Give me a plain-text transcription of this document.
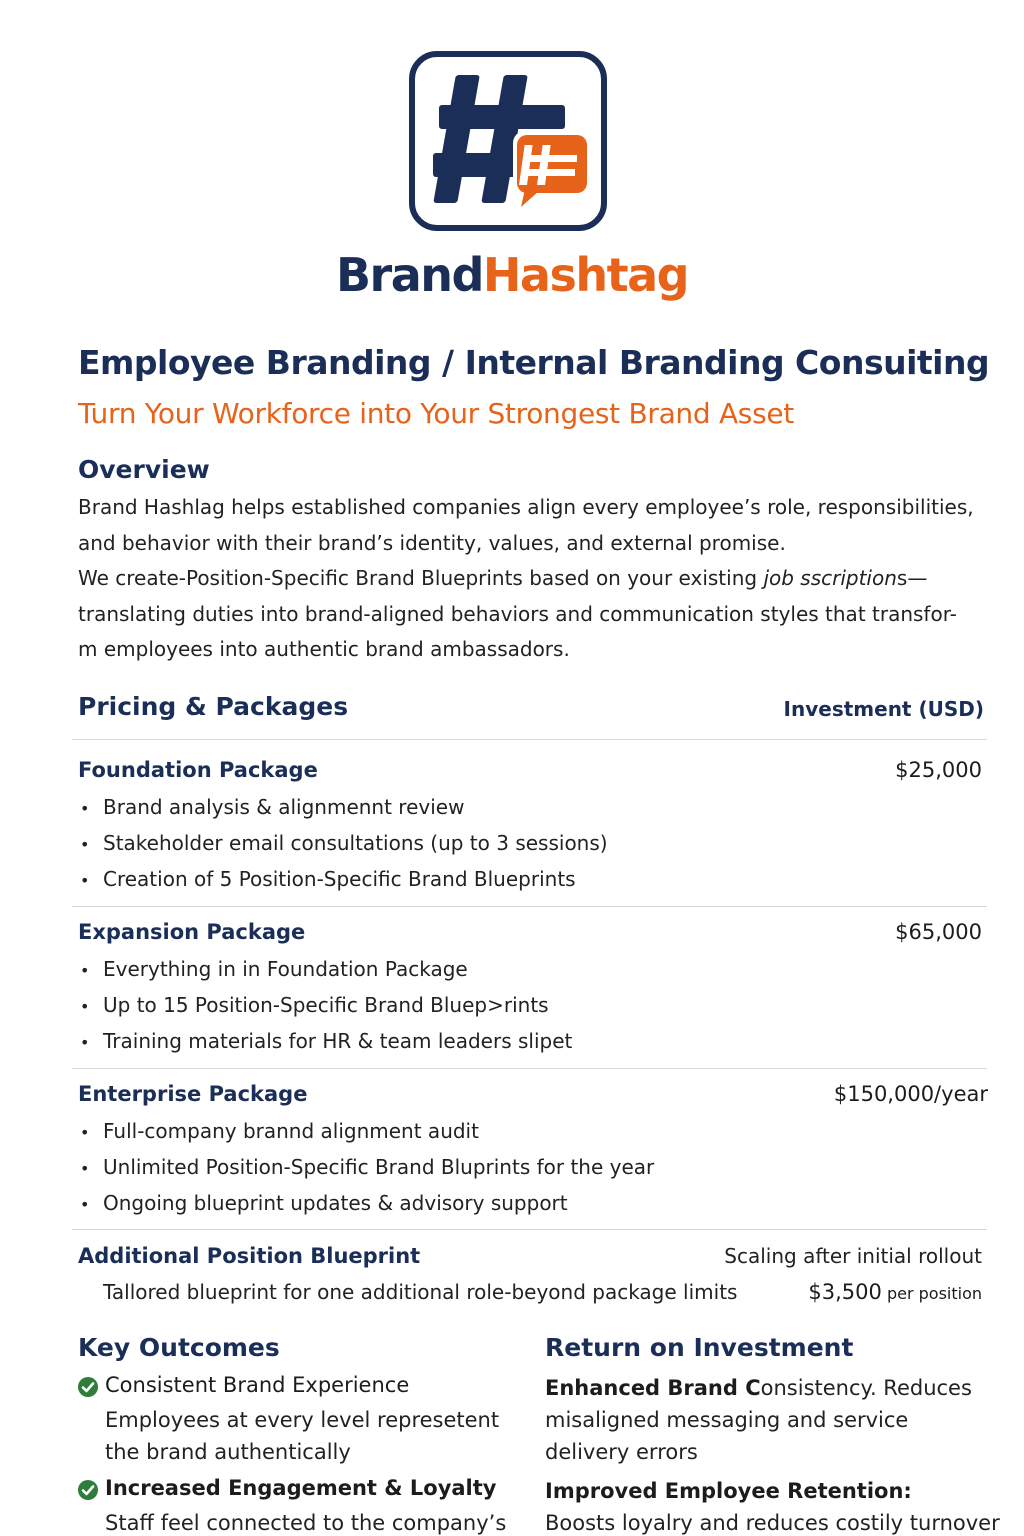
BrandHashtag
Employee Branding / Internal Branding Consuiting
Turn Your Workforce into Your Strongest Brand Asset
Overview

Brand Hashlag helps established companies align every employee’s role, responsibilities,

and behavior with their brand’s identity, values, and external promise.

We create-Position-Specific Brand Blueprints based on your existing job sscriptions—

translating duties into brand-aligned behaviors and communication styles that transfor-

m employees into authentic brand ambassadors.

Pricing & Packages	Investment (USD)
Foundation Package	$25,000
• Brand analysis & alignmennt review
• Stakeholder email consultations (up to 3 sessions)
• Creation of 5 Position-Specific Brand Blueprints
Expansion Package	$65,000
• Everything in in Foundation Package
• Up to 15 Position-Specific Brand Bluep>rints
• Training materials for HR & team leaders slipet
Enterprise Package	$150,000/year
• Full-company brannd alignment audit
• Unlimited Position-Specific Brand Bluprints for the year
• Ongoing blueprint updates & advisory support
Additional Position Blueprint	Scaling after initial rollout
Tallored blueprint for one additional role-beyond package limits	$3,500 per position
Key Outcomes
Consistent Brand Experience

Employees at every level represetent

the brand authentically

Increased Engagement & Loyalty

Staff feel connected to the company’s

Return on Investment

Enhanced Brand Consistency. Reduces

misaligned messaging and service

delivery errors

Improved Employee Retention:

Boosts loyalry and reduces costily turnover
